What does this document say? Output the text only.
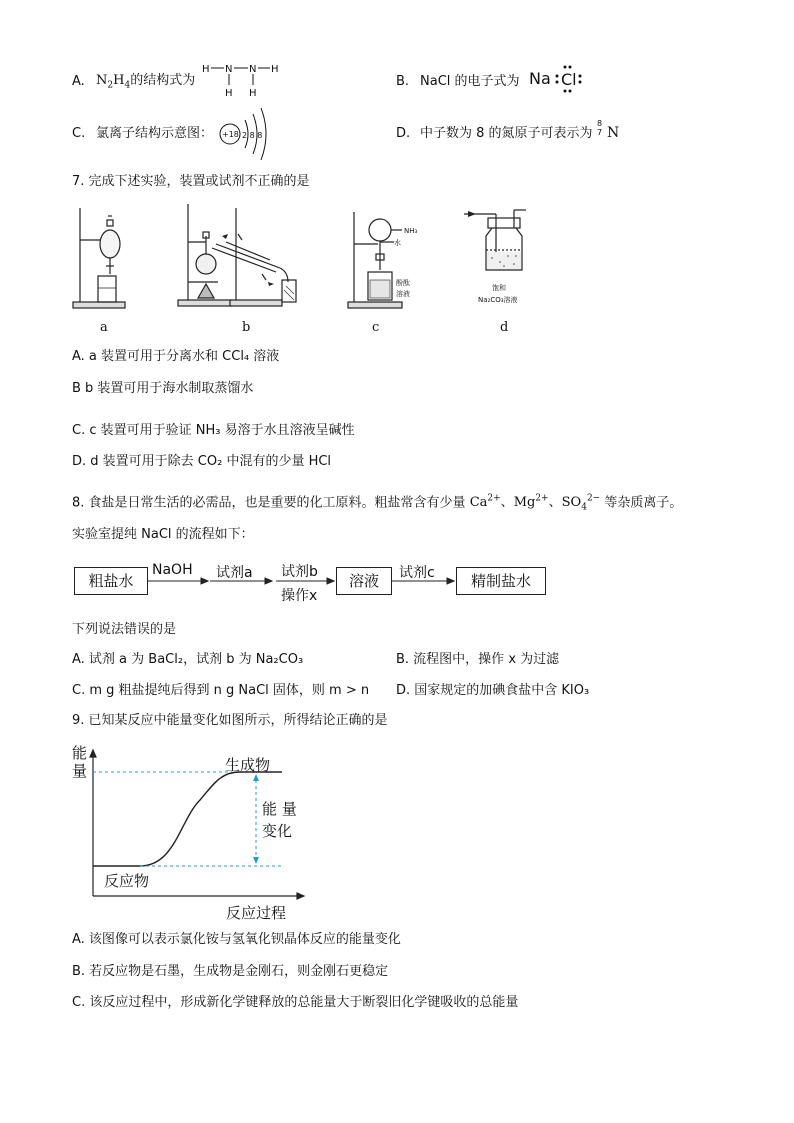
A. $N_2H_4$的结构式为
H N N H
H H
B. NaCl 的电子式为 Na Cl
C. 氯离子结构示意图： +18 2 8 8	D. 中子数为 8 的氮原子可表示为
8
7 N
7. 完成下述实验，装置或试剂不正确的是
NH₃
水
酚酞
溶液
饱和
Na₂CO₃溶液
a	b	c	d
A. a 装置可用于分离水和 CCl₄ 溶液
B b 装置可用于海水制取蒸馏水
C. c 装置可用于验证 NH₃ 易溶于水且溶液呈碱性
D. d 装置可用于除去 CO₂ 中混有的少量 HCl
8. 食盐是日常生活的必需品，也是重要的化工原料。粗盐常含有少量 $Ca^{2+}$、$Mg^{2+}$、$SO_4^{2-}$ 等杂质离子。
实验室提纯 NaCl 的流程如下：
粗盐水
NaOH 试剂a 试剂b
操作x
溶液	试剂c	精制盐水
下列说法错误的是
A. 试剂 a 为 BaCl₂，试剂 b 为 Na₂CO₃	B. 流程图中，操作 x 为过滤
C. m g 粗盐提纯后得到 n g NaCl 固体，则 m > n D. 国家规定的加碘食盐中含 KIO₃
9. 已知某反应中能量变化如图所示，所得结论正确的是
能
量	生成物
反应物
能 量
变化
反应过程
A. 该图像可以表示氯化铵与氢氧化钡晶体反应的能量变化
B. 若反应物是石墨，生成物是金刚石，则金刚石更稳定
C. 该反应过程中，形成新化学键释放的总能量大于断裂旧化学键吸收的总能量
